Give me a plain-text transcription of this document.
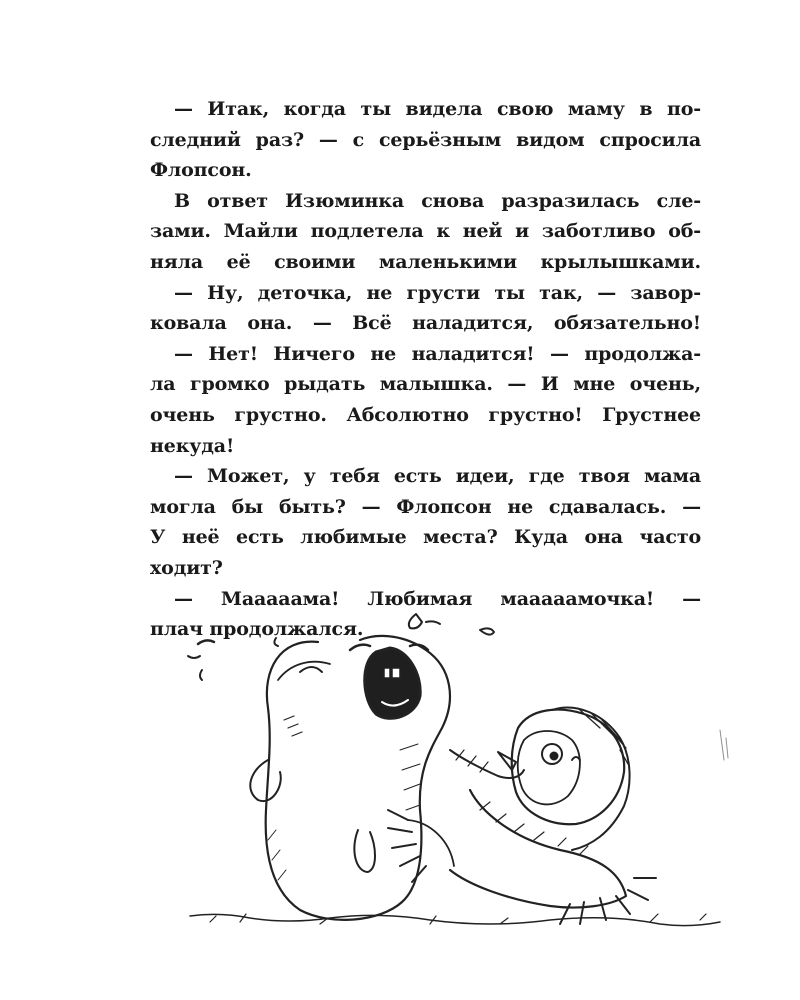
— Итак, когда ты видела свою маму в по-
следний раз? — с серьёзным видом спросила
Флопсон.
В ответ Изюминка снова разразилась сле-
зами. Майли подлетела к ней и заботливо об-
няла её своими маленькими крылышками.
— Ну, деточка, не грусти ты так, — завор-
ковала она. — Всё наладится, обязательно!
— Нет! Ничего не наладится! — продолжа-
ла громко рыдать малышка. — И мне очень,
очень грустно. Абсолютно грустно! Грустнее
некуда!
— Может, у тебя есть идеи, где твоя мама
могла бы быть? — Флопсон не сдавалась. —
У неё есть любимые места? Куда она часто
ходит?
— Мааааама! Любимая мааааамочка! —
плач продолжался.
